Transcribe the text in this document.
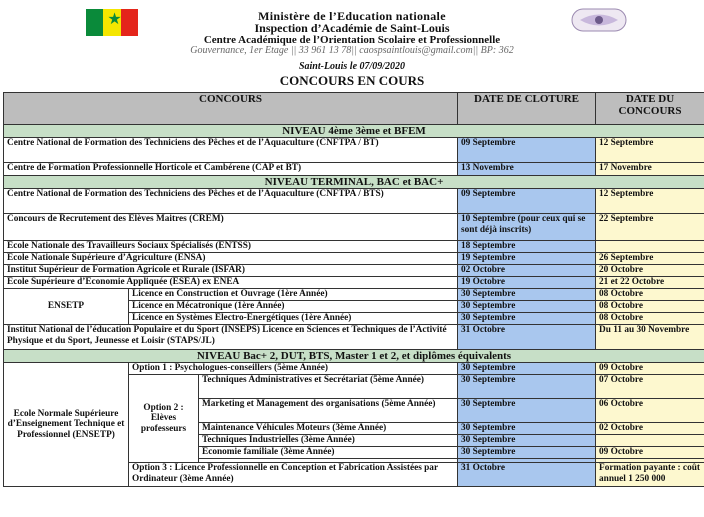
★	Ministère de l’Education nationale
Inspection d’Académie de Saint-Louis
Centre Académique de l’Orientation Scolaire et Professionnelle
Gouvernance, 1er Etage || 33 961 13 78|| caospsaintlouis@gmail.com|| BP: 362
Saint-Louis le 07/09/2020
CONCOURS EN COURS
CONCOURS			DATE DE CLOTURE	DATE DU CONCOURS
NIVEAU 4ème 3ème et BFEM				
Centre National de Formation des Techniciens des Pêches et de l’Aquaculture (CNFTPA / BT)			09 Septembre	12 Septembre
Centre de Formation Professionnelle Horticole et Cambérene (CAP et BT)			13 Novembre	17 Novembre
NIVEAU TERMINAL, BAC et BAC+				
Centre National de Formation des Techniciens des Pêches et de l’Aquaculture (CNFTPA / BTS)			09 Septembre	12 Septembre
Concours de Recrutement des Elèves Maitres (CREM)			10 Septembre (pour ceux qui se sont déjà inscrits)	22 Septembre
Ecole Nationale des Travailleurs Sociaux Spécialisés (ENTSS)			18 Septembre	
Ecole Nationale Supérieure d’Agriculture (ENSA)			19 Septembre	26 Septembre
Institut Supérieur de Formation Agricole et Rurale (ISFAR)			02 Octobre	20 Octobre
Ecole Supérieure d’Economie Appliquée (ESEA) ex ENEA			19 Octobre	21 et 22 Octobre
ENSETP	Licence en Construction et Ouvrage (1ère Année)		30 Septembre	08 Octobre
	Licence en Mécatronique (1ère Année)		30 Septembre	08 Octobre
	Licence en Systèmes Electro-Energétiques (1ère Année)		30 Septembre	08 Octobre
Institut National de l’éducation Populaire et du Sport (INSEPS) Licence en Sciences et Techniques de l’Activité Physique et du Sport, Jeunesse et Loisir (STAPS/JL)			31 Octobre	Du 11 au 30 Novembre
NIVEAU Bac+ 2, DUT, BTS, Master 1 et 2, et diplômes équivalents				
Ecole Normale Supérieure d’Enseignement Technique et Professionnel (ENSETP)	Option 1 : Psychologues-conseillers (5ème Année)		30 Septembre	09 Octobre
	Option 2 : Elèves professeurs	Techniques Administratives et Secrétariat (5ème Année)	30 Septembre	07 Octobre
		Marketing et Management des organisations (5ème Année)	30 Septembre	06 Octobre
		Maintenance Véhicules Moteurs (3ème Année)	30 Septembre	02 Octobre
		Techniques Industrielles (3ème Année)	30 Septembre	
		Economie familiale (3ème Année)	30 Septembre	09 Octobre

	Option 3 : Licence Professionnelle en Conception et Fabrication Assistées par Ordinateur (3ème Année)		31 Octobre	Formation payante : coût annuel 1 250 000
